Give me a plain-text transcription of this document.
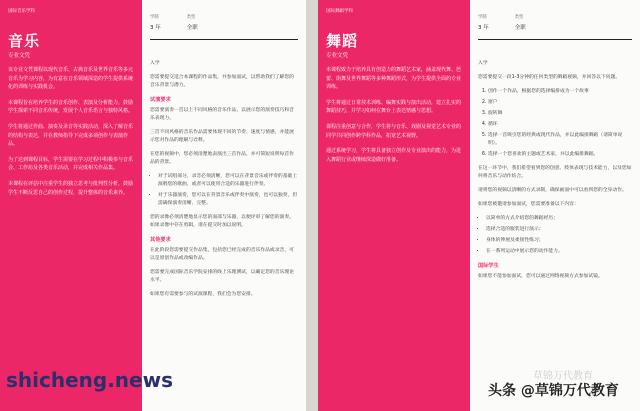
国际音乐学科
音乐
专业文凭

该专业文凭课程以现代音乐、古典音乐及世界音乐等多元音乐为学习内容，为有意在音乐领域深造的学生提供系统化的训练与实践机会。

本课程旨在培养学生的音乐创作、表演及分析能力，鼓励学生探索不同音乐传统，发展个人音乐语言与独特风格。

学生将通过作曲、演奏及录音等实践活动，深入了解音乐的结构与表达，并在教师指导下完成多项创作与表演作品。

为了达到课程目标，学生需要在学习过程中积极参与音乐会、工作坊及各类音乐活动，并完成相关作品集。

本课程在评估中注重学生的独立思考与批判性分析，鼓励学生不断反思自己的创作过程，提升整体的音乐素养。

学制
3 年
类型
全职

入学

您需要提交适合本课程的作品集，并参加面试，以帮助我们了解您的音乐背景与潜力。

试演要求

您需要演奏一首以上不同风格的音乐作品，以展示您的演奏技巧和音乐表现力。

三首不同风格的音乐作品需要体现不同的节奏、速度与情感，并能展示您对作品的理解与诠释。

在您的视频中，您必须清楚地表演出三首作品，并可简短说明每首作品的背景。

• 对于试唱部分，录音必须清晰，您可以在背景音乐或伴奏的基础上演唱您的歌曲，或者可以使用合适的乐器进行伴奏。
• 对于乐器演奏，您可以在背景音乐或伴奏中演奏，也可以独奏，但需确保演奏清晰、完整。

您的录像必须清楚地显示您的面部与乐器，以便评审了解您的演奏。如果录像中存在剪辑，请在提交时加以说明。

其他要求

在此阶段您需要提交作品集，包括您已经完成的音乐作品或录音，可以是原创作品或改编作品。

您需要完成国际音乐学院安排的线上乐理测试，以确定您的音乐理论水平。

如果您有需要参与的试演课程，我们会为您安排。

国际舞蹈学科
舞蹈
专业文凭

本课程致力于培养具有创造力的舞蹈艺术家，涵盖现代舞、芭蕾、街舞及世界舞蹈等多种舞蹈形式，为学生提供全面的专业训练。

学生将通过日常技术训练、编舞实践与演出活动，建立扎实的舞蹈技巧，并学习如何在舞台上表达情感与思想。

课程注重创意与合作，学生将与音乐、戏剧及视觉艺术专业的同学共同创作跨学科作品，拓宽艺术视野。

通过系统学习，学生将具备独立创作及专业演出的能力，为进入舞蹈行业或继续深造做好准备。

学制
3 年
类型
全职

入学

您需要提交一段1-3分钟的任何类型的舞蹈视频，并回答以下问题。

1. 创作一个作品，根据您的选择编排成为一个故事
2. 窗户
3. 旋转舞
4. 循环
5. 选择一首吸引您的经典或现代作品，并以此编排舞蹈（请简单说明）。
6. 选择一个您喜欢的主题或艺术家，并以此编排舞蹈。

在这一环节中，我们希望看到您的创意、肢体表现与技术能力，以及您如何将音乐与动作结合。

请将您的视频以清晰的方式录制，确保画面中可以看到您的全身动作。

如果您被邀请参加面试，您需要准备以下内容：

• 以简单的方式介绍您的舞蹈经历；
• 选择合适的服装进行演示；
• 身体的伸展及柔韧性练习；
• 在一系列运动中展示您的动作能力。
国际学生

如果您不能参加面试，您可以通过网络视频方式参加试镜。

shicheng.news	草锦万代教育
头条 @草锦万代教育
